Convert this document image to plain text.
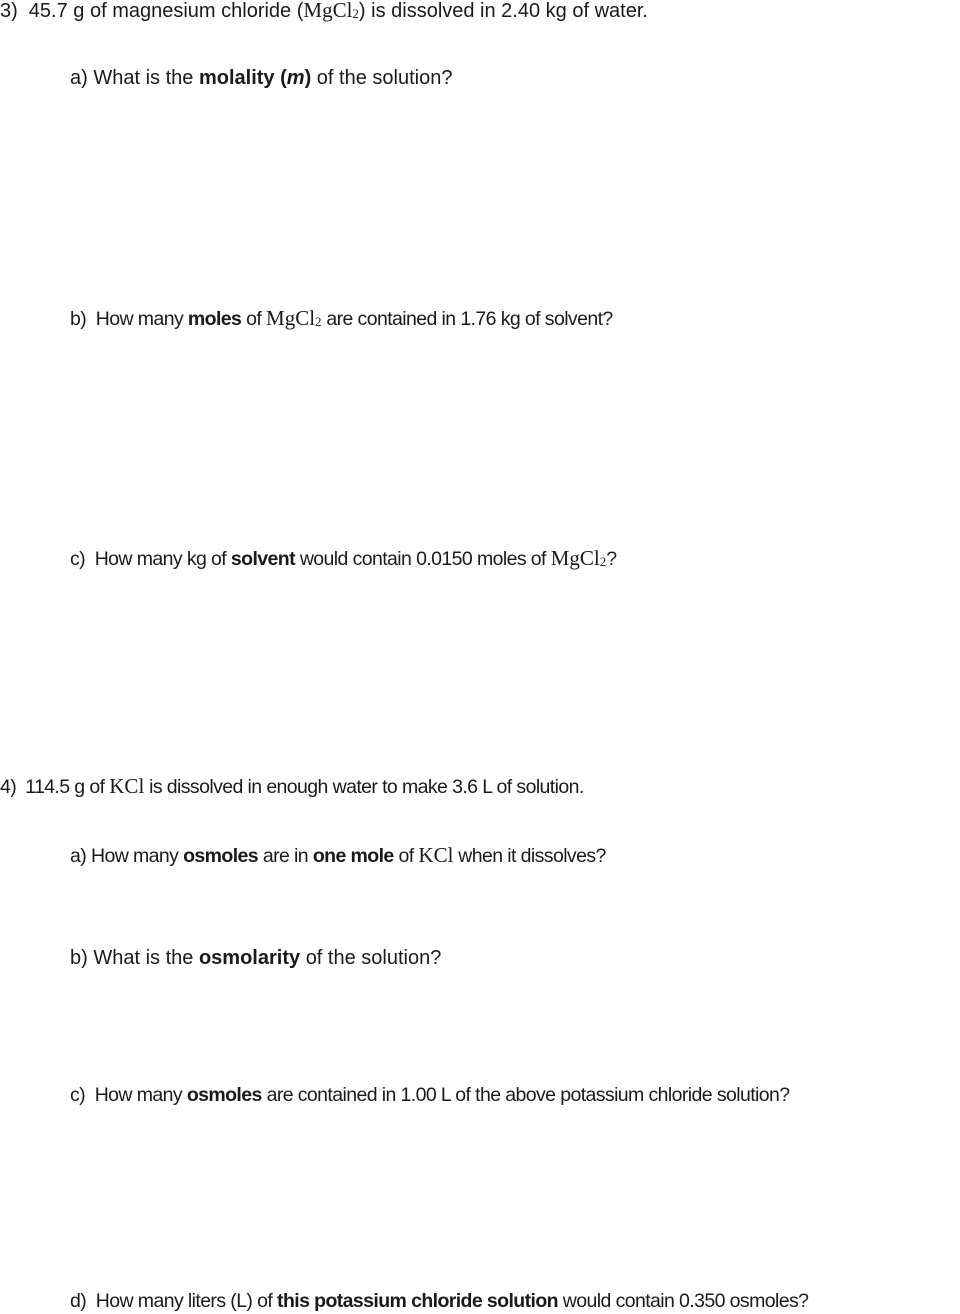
3) 45.7 g of magnesium chloride (MgCl$_2$) is dissolved in 2.40 kg of water.
a) What is the molality (m) of the solution?
b) How many moles of MgCl$_2$ are contained in 1.76 kg of solvent?
c) How many kg of solvent would contain 0.0150 moles of MgCl$_2$?
4) 114.5 g of KCl is dissolved in enough water to make 3.6 L of solution.
a) How many osmoles are in one mole of KCl when it dissolves?
b) What is the osmolarity of the solution?
c) How many osmoles are contained in 1.00 L of the above potassium chloride solution?
d) How many liters (L) of this potassium chloride solution would contain 0.350 osmoles?
